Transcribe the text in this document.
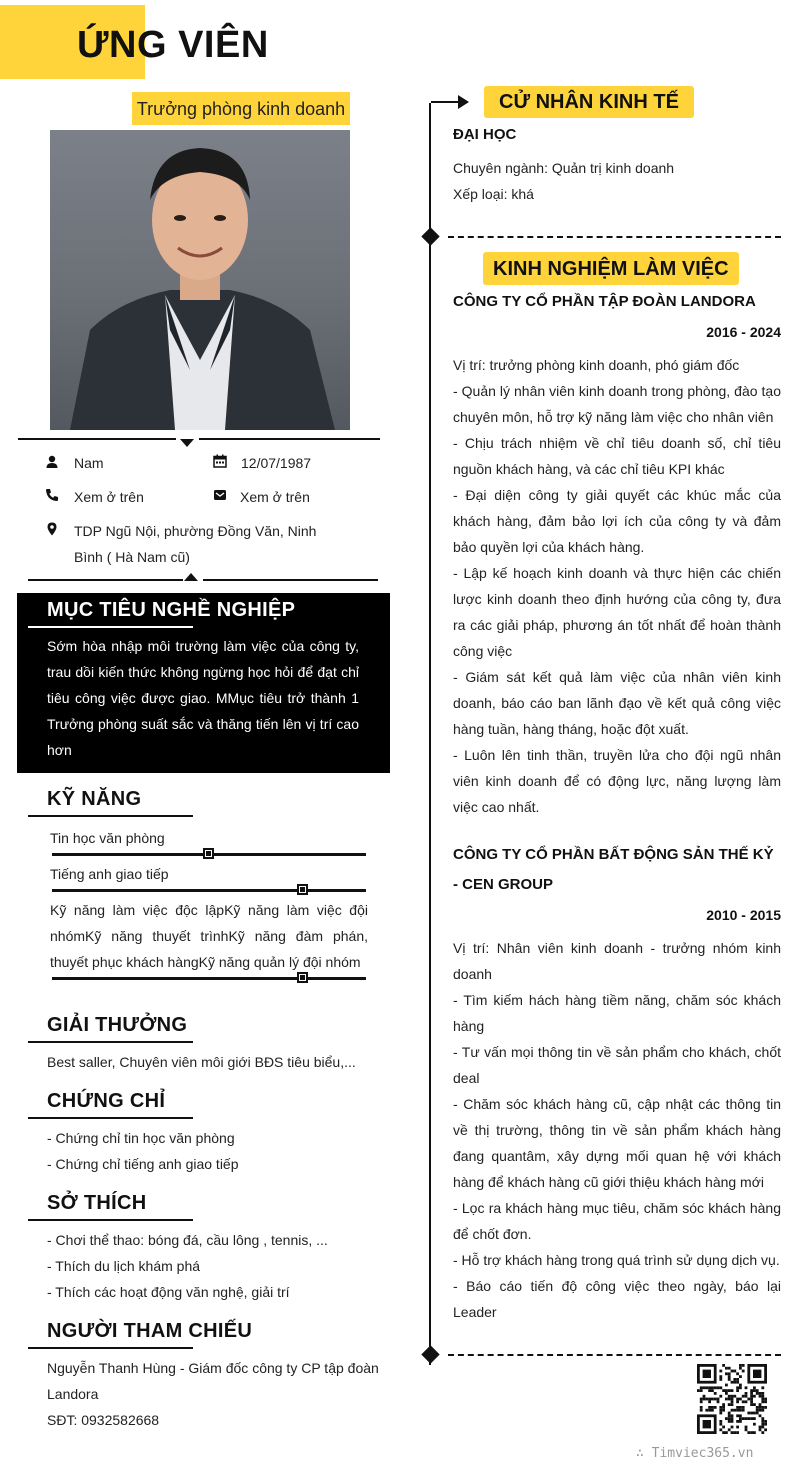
ỨNG VIÊN
Trưởng phòng kinh doanh
Nam	12/07/1987
Xem ở trên	Xem ở trên
TDP Ngũ Nội, phường Đồng Văn, Ninh
Bình ( Hà Nam cũ)
MỤC TIÊU NGHỀ NGHIỆP
Sớm hòa nhập môi trường làm việc của công ty, trau dồi kiến thức không ngừng học hỏi để đạt chỉ tiêu công việc được giao. MMục tiêu trở thành 1 Trưởng phòng suất sắc và thăng tiến lên vị trí cao hơn
KỸ NĂNG
Tin học văn phòng
Tiếng anh giao tiếp
Kỹ năng làm việc độc lậpKỹ năng làm việc đội nhómKỹ năng thuyết trìnhKỹ năng đàm phán, thuyết phục khách hàngKỹ năng quản lý đội nhóm
GIẢI THƯỞNG
Best saller, Chuyên viên môi giới BĐS tiêu biểu,...
CHỨNG CHỈ
- Chứng chỉ tin học văn phòng
- Chứng chỉ tiếng anh giao tiếp
SỞ THÍCH
- Chơi thể thao: bóng đá, cầu lông , tennis, ...
- Thích du lịch khám phá
- Thích các hoạt động văn nghệ, giải trí
NGƯỜI THAM CHIẾU
Nguyễn Thanh Hùng - Giám đốc công ty CP tập đoàn
Landora
SĐT: 0932582668
CỬ NHÂN KINH TẾ
ĐẠI HỌC
Chuyên ngành: Quản trị kinh doanh
Xếp loại: khá
KINH NGHIỆM LÀM VIỆC
CÔNG TY CỔ PHẦN TẬP ĐOÀN LANDORA
2016 - 2024
Vị trí: trưởng phòng kinh doanh, phó giám đốc
- Quản lý nhân viên kinh doanh trong phòng, đào tạo chuyên môn, hỗ trợ kỹ năng làm việc cho nhân viên
- Chịu trách nhiệm về chỉ tiêu doanh số, chỉ tiêu nguồn khách hàng, và các chỉ tiêu KPI khác
- Đại diện công ty giải quyết các khúc mắc của khách hàng, đảm bảo lợi ích của công ty và đảm bảo quyền lợi của khách hàng.
- Lập kế hoạch kinh doanh và thực hiện các chiến lược kinh doanh theo định hướng của công ty, đưa ra các giải pháp, phương án tốt nhất để hoàn thành công việc
- Giám sát kết quả làm việc của nhân viên kinh doanh, báo cáo ban lãnh đạo về kết quả công việc hàng tuần, hàng tháng, hoặc đột xuất.
- Luôn lên tinh thần, truyền lửa cho đội ngũ nhân viên kinh doanh để có động lực, năng lượng làm việc cao nhất.
CÔNG TY CỔ PHẦN BẤT ĐỘNG SẢN THẾ KỶ
- CEN GROUP
2010 - 2015
Vị trí: Nhân viên kinh doanh - trưởng nhóm kinh doanh
- Tìm kiếm hách hàng tiềm năng, chăm sóc khách hàng
- Tư vấn mọi thông tin về sản phẩm cho khách, chốt deal
- Chăm sóc khách hàng cũ, cập nhật các thông tin về thị trường, thông tin về sản phẩm khách hàng đang quantâm, xây dựng mối quan hệ với khách hàng để khách hàng cũ giới thiệu khách hàng mới
- Lọc ra khách hàng mục tiêu, chăm sóc khách hàng để chốt đơn.
- Hỗ trợ khách hàng trong quá trình sử dụng dịch vụ.
- Báo cáo tiến độ công việc theo ngày, báo lại Leader
∴ Timviec365.vn
